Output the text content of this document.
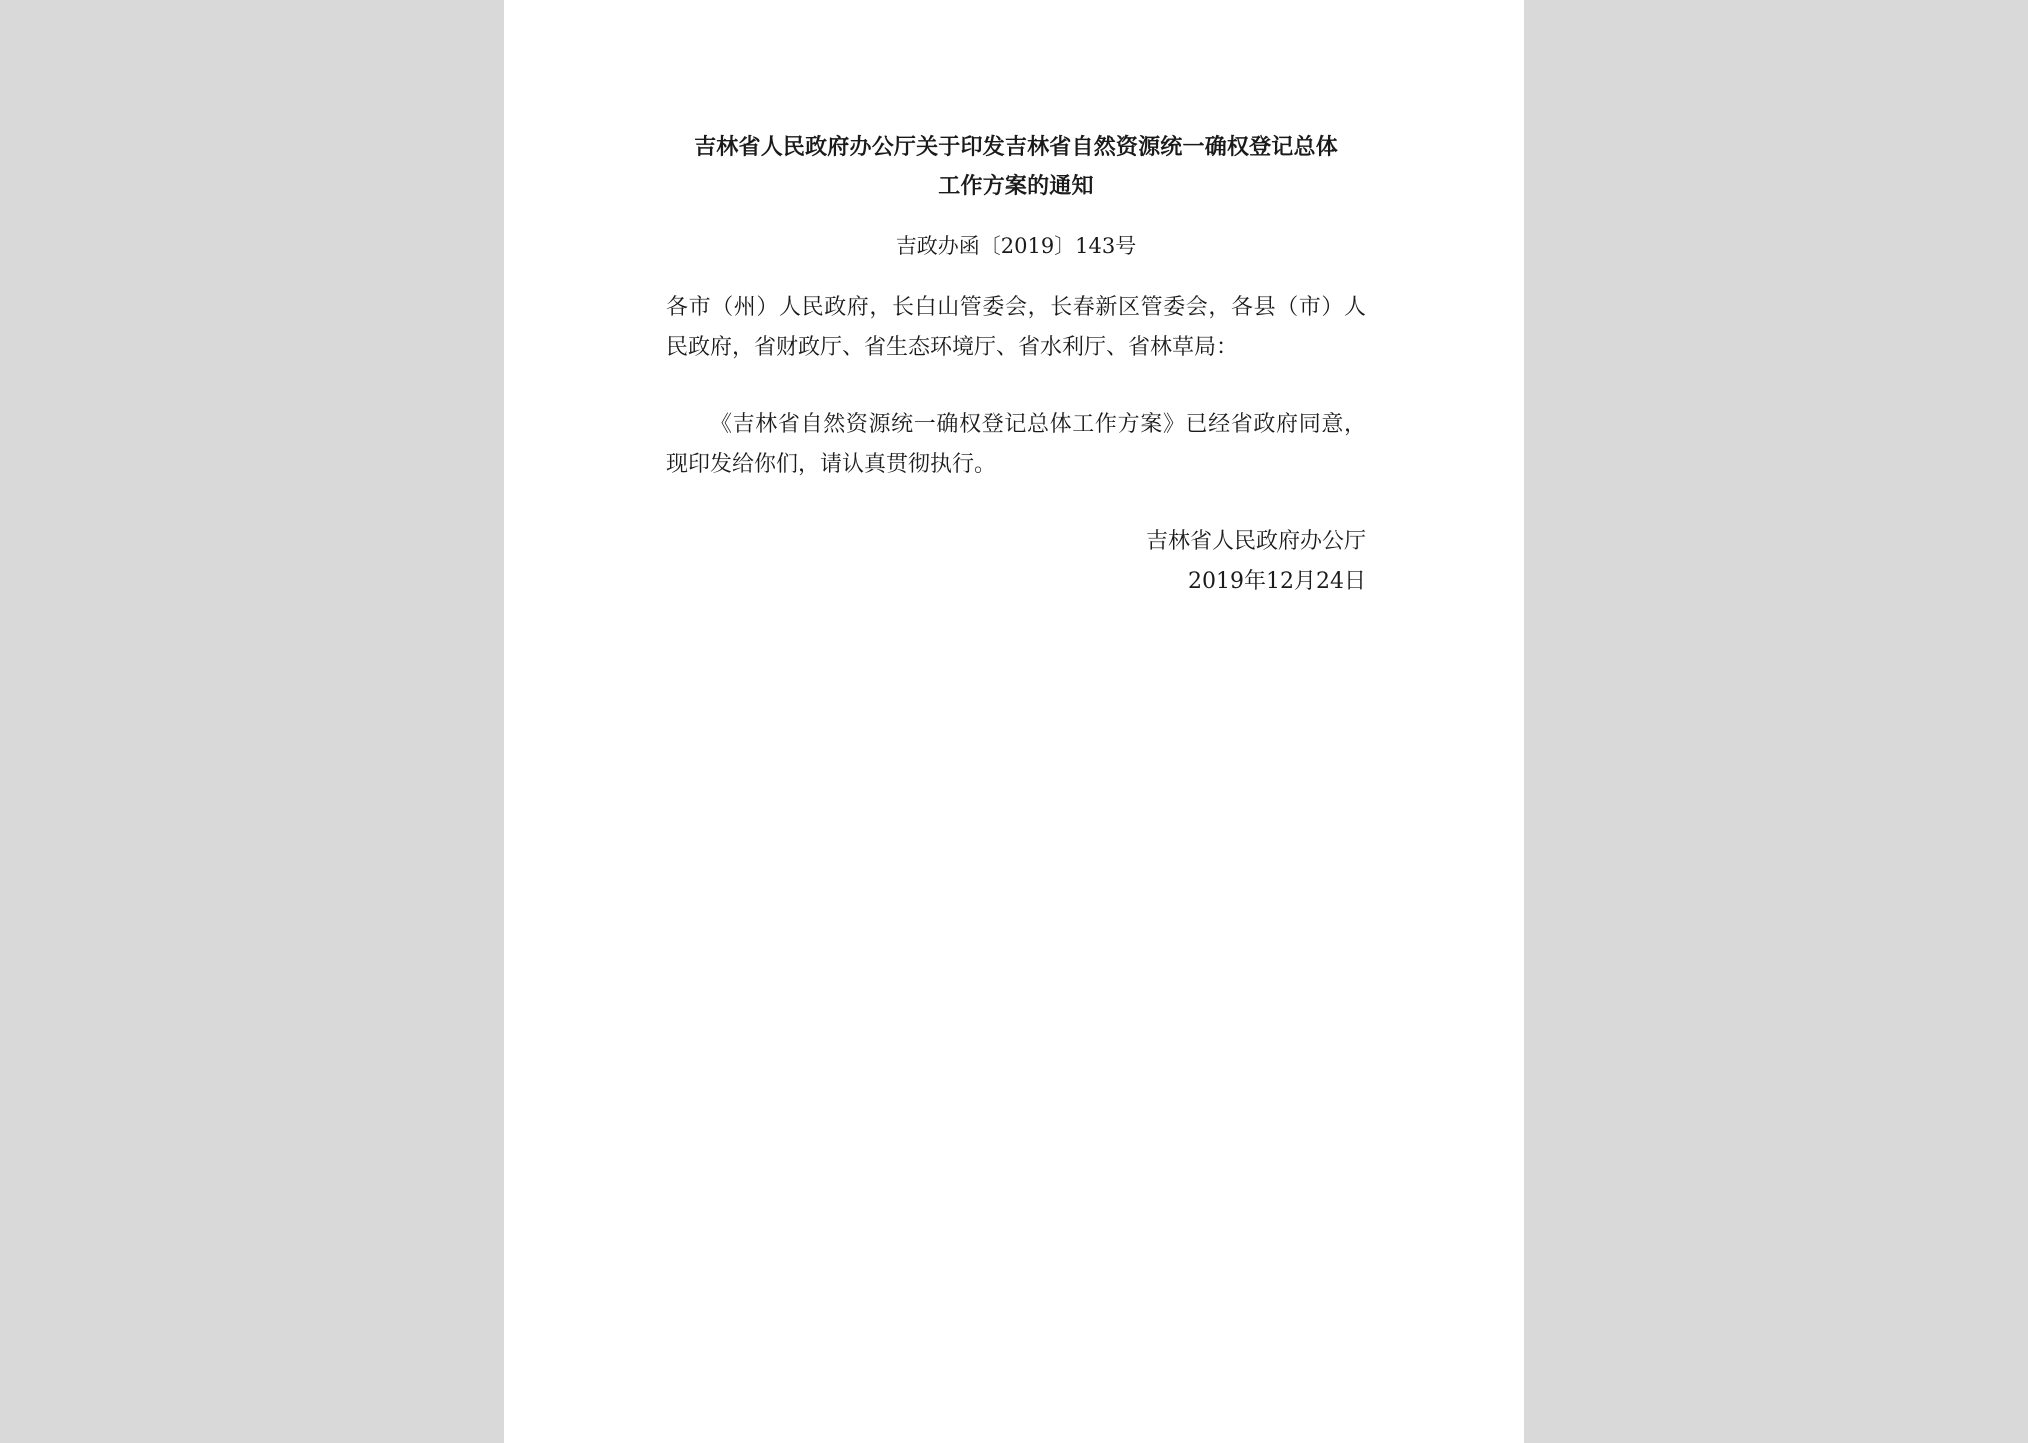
吉林省人民政府办公厅关于印发吉林省自然资源统一确权登记总体
工作方案的通知
吉政办函〔2019〕143号

各市（州）人民政府，长白山管委会，长春新区管委会，各县（市）人民政府，省财政厅、省生态环境厅、省水利厅、省林草局：

《吉林省自然资源统一确权登记总体工作方案》已经省政府同意，现印发给你们，请认真贯彻执行。

吉林省人民政府办公厅
2019年12月24日
